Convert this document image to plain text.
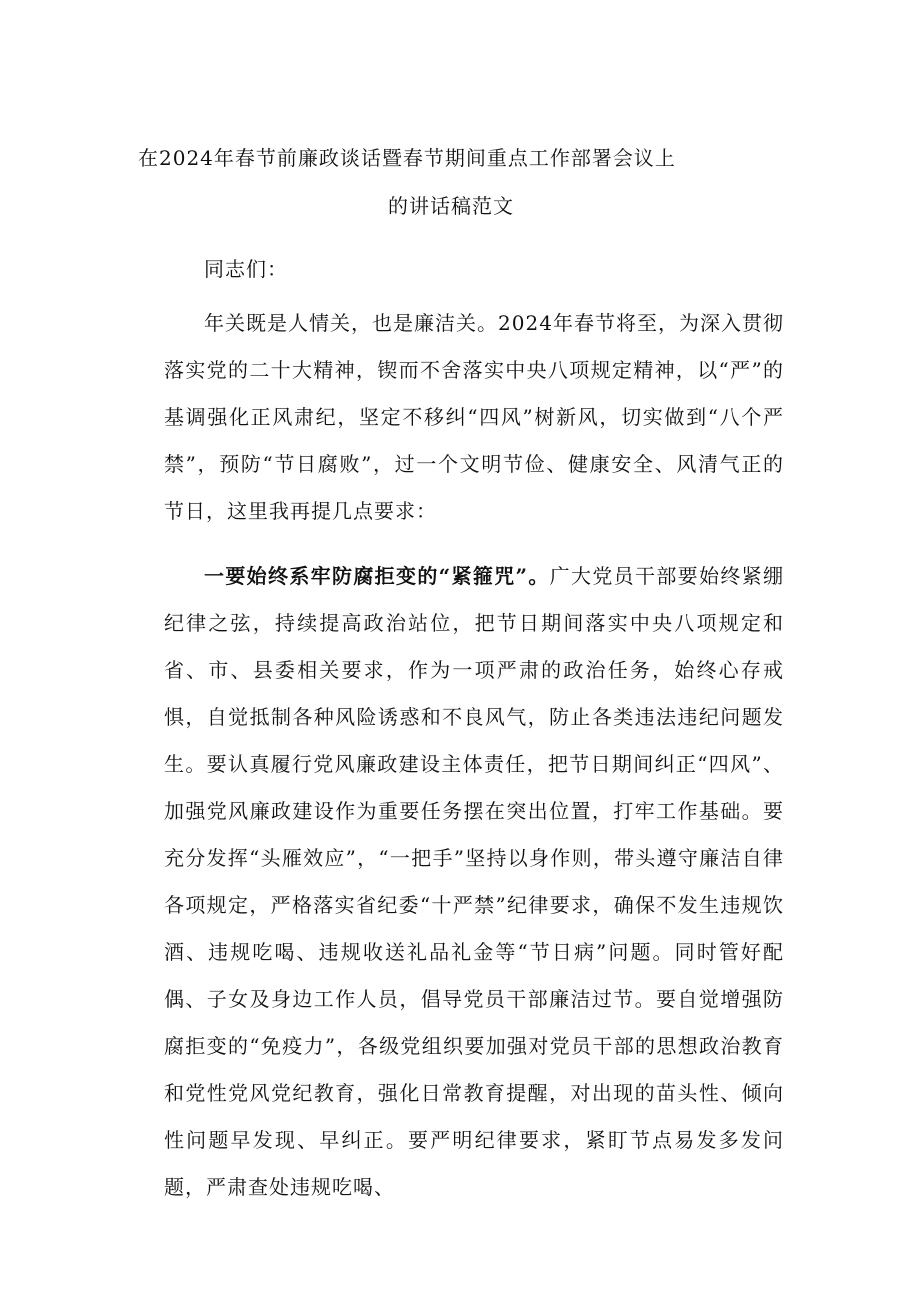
在2024年春节前廉政谈话暨春节期间重点工作部署会议上
的讲话稿范文

同志们：

年关既是人情关，也是廉洁关。2024年春节将至，为深入贯彻落实党的二十大精神，锲而不舍落实中央八项规定精神，以“严”的基调强化正风肃纪，坚定不移纠“四风”树新风，切实做到“八个严禁”，预防“节日腐败”，过一个文明节俭、健康安全、风清气正的节日，这里我再提几点要求：

一要始终系牢防腐拒变的“紧箍咒”。广大党员干部要始终紧绷纪律之弦，持续提高政治站位，把节日期间落实中央八项规定和省、市、县委相关要求，作为一项严肃的政治任务，始终心存戒惧，自觉抵制各种风险诱惑和不良风气，防止各类违法违纪问题发生。要认真履行党风廉政建设主体责任，把节日期间纠正“四风”、加强党风廉政建设作为重要任务摆在突出位置，打牢工作基础。要充分发挥“头雁效应”，“一把手”坚持以身作则，带头遵守廉洁自律各项规定，严格落实省纪委“十严禁”纪律要求，确保不发生违规饮酒、违规吃喝、违规收送礼品礼金等“节日病”问题。同时管好配偶、子女及身边工作人员，倡导党员干部廉洁过节。要自觉增强防腐拒变的“免疫力”，各级党组织要加强对党员干部的思想政治教育和党性党风党纪教育，强化日常教育提醒，对出现的苗头性、倾向性问题早发现、早纠正。要严明纪律要求，紧盯节点易发多发问题，严肃查处违规吃喝、
